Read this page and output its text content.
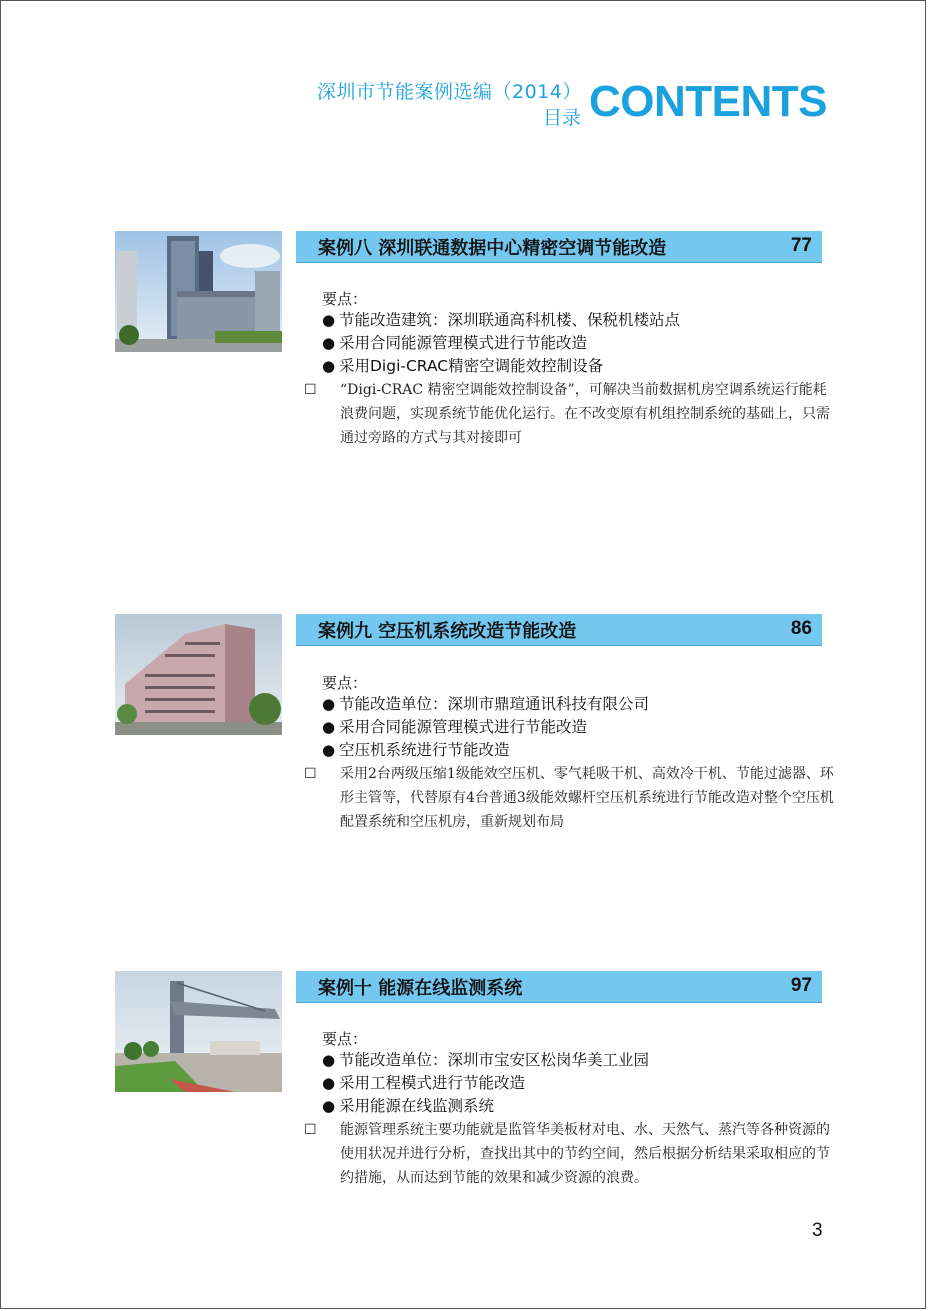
深圳市节能案例选编（2014）
目录 CONTENTS
案例八 深圳联通数据中心精密空调节能改造	77
要点：
● 节能改造建筑：深圳联通高科机楼、保税机楼站点
● 采用合同能源管理模式进行节能改造
● 采用Digi-CRAC精密空调能效控制设备
☐ “Digi-CRAC 精密空调能效控制设备”，可解决当前数据机房空调系统运行能耗浪费问题，实现系统节能优化运行。在不改变原有机组控制系统的基础上，只需通过旁路的方式与其对接即可
案例九 空压机系统改造节能改造	86
要点：
● 节能改造单位：深圳市鼎瑄通讯科技有限公司
● 采用合同能源管理模式进行节能改造
● 空压机系统进行节能改造
☐ 采用2台两级压缩1级能效空压机、零气耗吸干机、高效冷干机、节能过滤器、环形主管等，代替原有4台普通3级能效螺杆空压机系统进行节能改造对整个空压机配置系统和空压机房，重新规划布局
案例十 能源在线监测系统	97
要点：
● 节能改造单位：深圳市宝安区松岗华美工业园
● 采用工程模式进行节能改造
● 采用能源在线监测系统
☐ 能源管理系统主要功能就是监管华美板材对电、水、天然气、蒸汽等各种资源的使用状况并进行分析，查找出其中的节约空间，然后根据分析结果采取相应的节约措施，从而达到节能的效果和减少资源的浪费。
3
